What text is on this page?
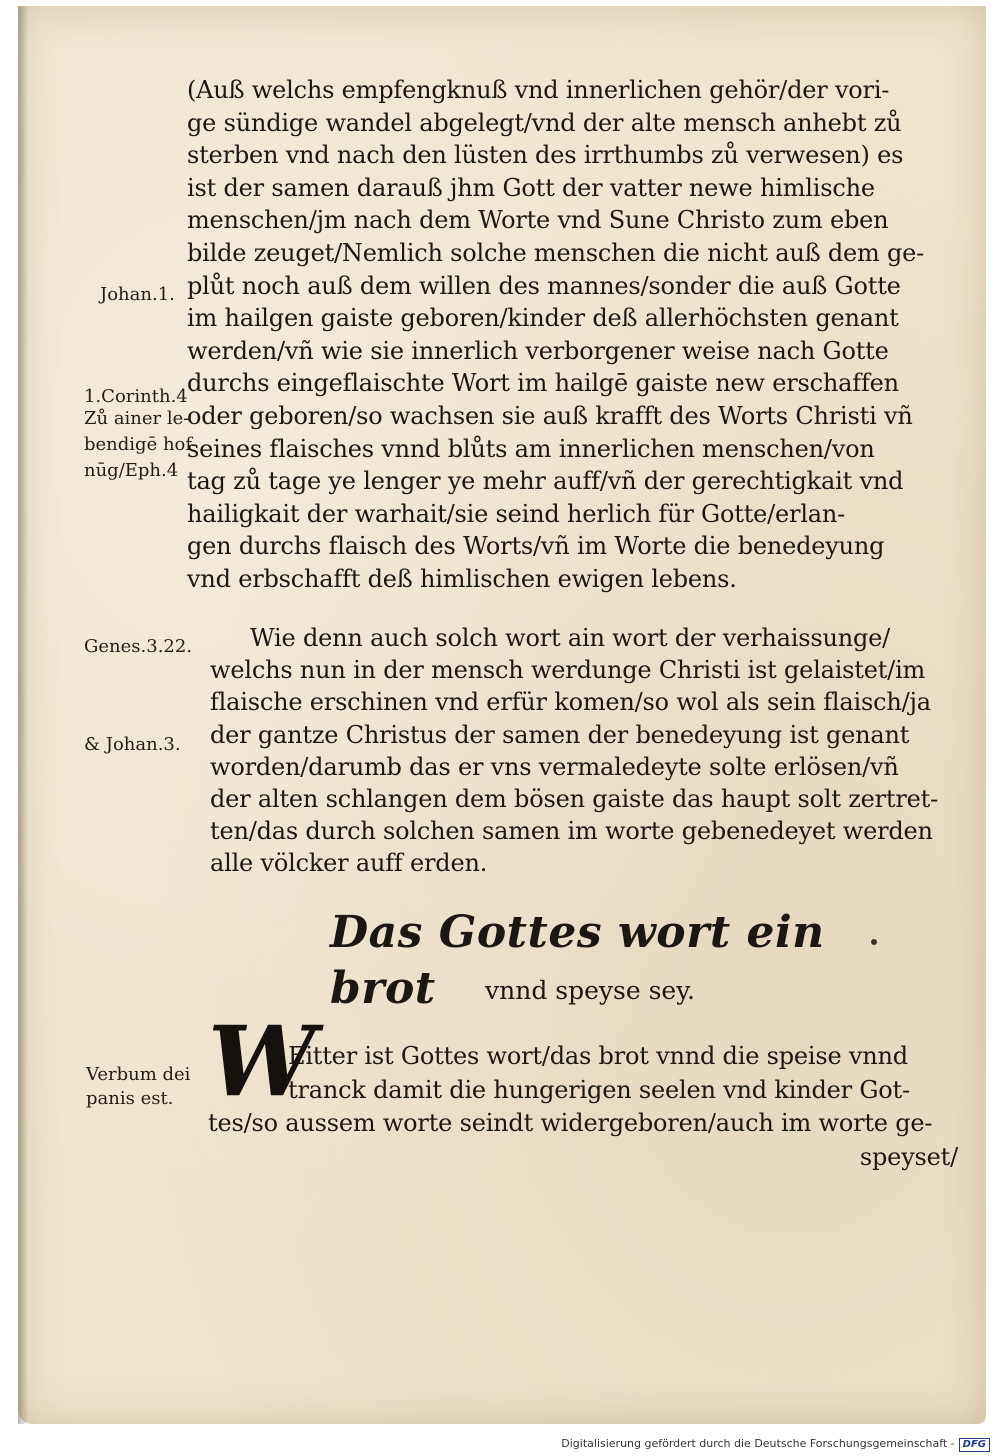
(Auß welchs empfengknuß vnd innerlichen gehör/der vori-
ge sündige wandel abgelegt/vnd der alte mensch anhebt zů
sterben vnd nach den lüsten des irrthumbs zů verwesen) es
ist der samen darauß jhm Gott der vatter newe himlische
menschen/jm nach dem Worte vnd Sune Christo zum eben
bilde zeuget/Nemlich solche menschen die nicht auß dem ge-
plůt noch auß dem willen des mannes/sonder die auß Gotte
im hailgen gaiste geboren/kinder deß allerhöchsten genant
werden/vñ wie sie innerlich verborgener weise nach Gotte
durchs eingeflaischte Wort im hailgē gaiste new erschaffen
oder geboren/so wachsen sie auß krafft des Worts Christi vñ
seines flaisches vnnd blůts am innerlichen menschen/von
tag zů tage ye lenger ye mehr auff/vñ der gerechtigkait vnd
hailigkait der warhait/sie seind herlich für Gotte/erlan-
gen durchs flaisch des Worts/vñ im Worte die benedeyung
vnd erbschafft deß himlischen ewigen lebens.
Johan.1.
1.Corinth.4
Zů ainer le-
bendigē hof-
nūg/Eph.4
Genes.3.22.
& Johan.3.
Verbum dei
panis est.
Wie denn auch solch wort ain wort der verhaissunge/
welchs nun in der mensch werdunge Christi ist gelaistet/im
flaische erschinen vnd erfür komen/so wol als sein flaisch/ja
der gantze Christus der samen der benedeyung ist genant
worden/darumb das er vns vermaledeyte solte erlösen/vñ
der alten schlangen dem bösen gaiste das haupt solt zertret-
ten/das durch solchen samen im worte gebenedeyet werden
alle völcker auff erden.
Das Gottes wort ein brot	vnnd speyse sey.
W
Eitter ist Gottes wort/das brot vnnd die speise vnnd
tranck damit die hungerigen seelen vnd kinder Got-
tes/so aussem worte seindt widergeboren/auch im worte ge-
speyset/
Digitalisierung gefördert durch die Deutsche Forschungsgemeinschaft - DFG
